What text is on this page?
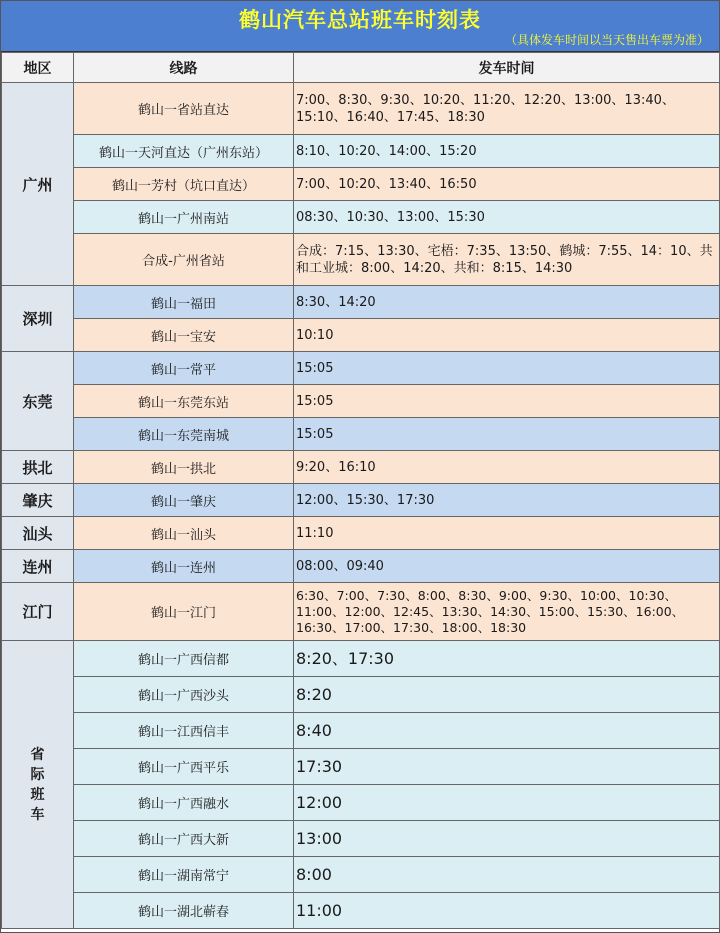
鹤山汽车总站班车时刻表
（具体发车时间以当天售出车票为准）
地区	线路	发车时间
广州	鹤山一省站直达	7:00、8:30、9:30、10:20、11:20、12:20、13:00、13:40、15:10、16:40、17:45、18:30
	鹤山一天河直达（广州东站）	8:10、10:20、14:00、15:20
	鹤山一芳村（坑口直达）	7:00、10:20、13:40、16:50
	鹤山一广州南站	08:30、10:30、13:00、15:30
	合成-广州省站	合成：7:15、13:30、宅梧：7:35、13:50、鹤城：7:55、14：10、共和工业城：8:00、14:20、共和：8:15、14:30
深圳	鹤山一福田	8:30、14:20
	鹤山一宝安	10:10
东莞	鹤山一常平	15:05
	鹤山一东莞东站	15:05
	鹤山一东莞南城	15:05
拱北	鹤山一拱北	9:20、16:10
肇庆	鹤山一肇庆	12:00、15:30、17:30
汕头	鹤山一汕头	11:10
连州	鹤山一连州	08:00、09:40
江门	鹤山一江门	6:30、7:00、7:30、8:00、8:30、9:00、9:30、10:00、10:30、11:00、12:00、12:45、13:30、14:30、15:00、15:30、16:00、16:30、17:00、17:30、18:00、18:30

省际班车	鹤山一广西信都	8:20、17:30
	鹤山一广西沙头	8:20
	鹤山一江西信丰	8:40
	鹤山一广西平乐	17:30
	鹤山一广西融水	12:00
	鹤山一广西大新	13:00
	鹤山一湖南常宁	8:00
	鹤山一湖北蕲春	11:00
